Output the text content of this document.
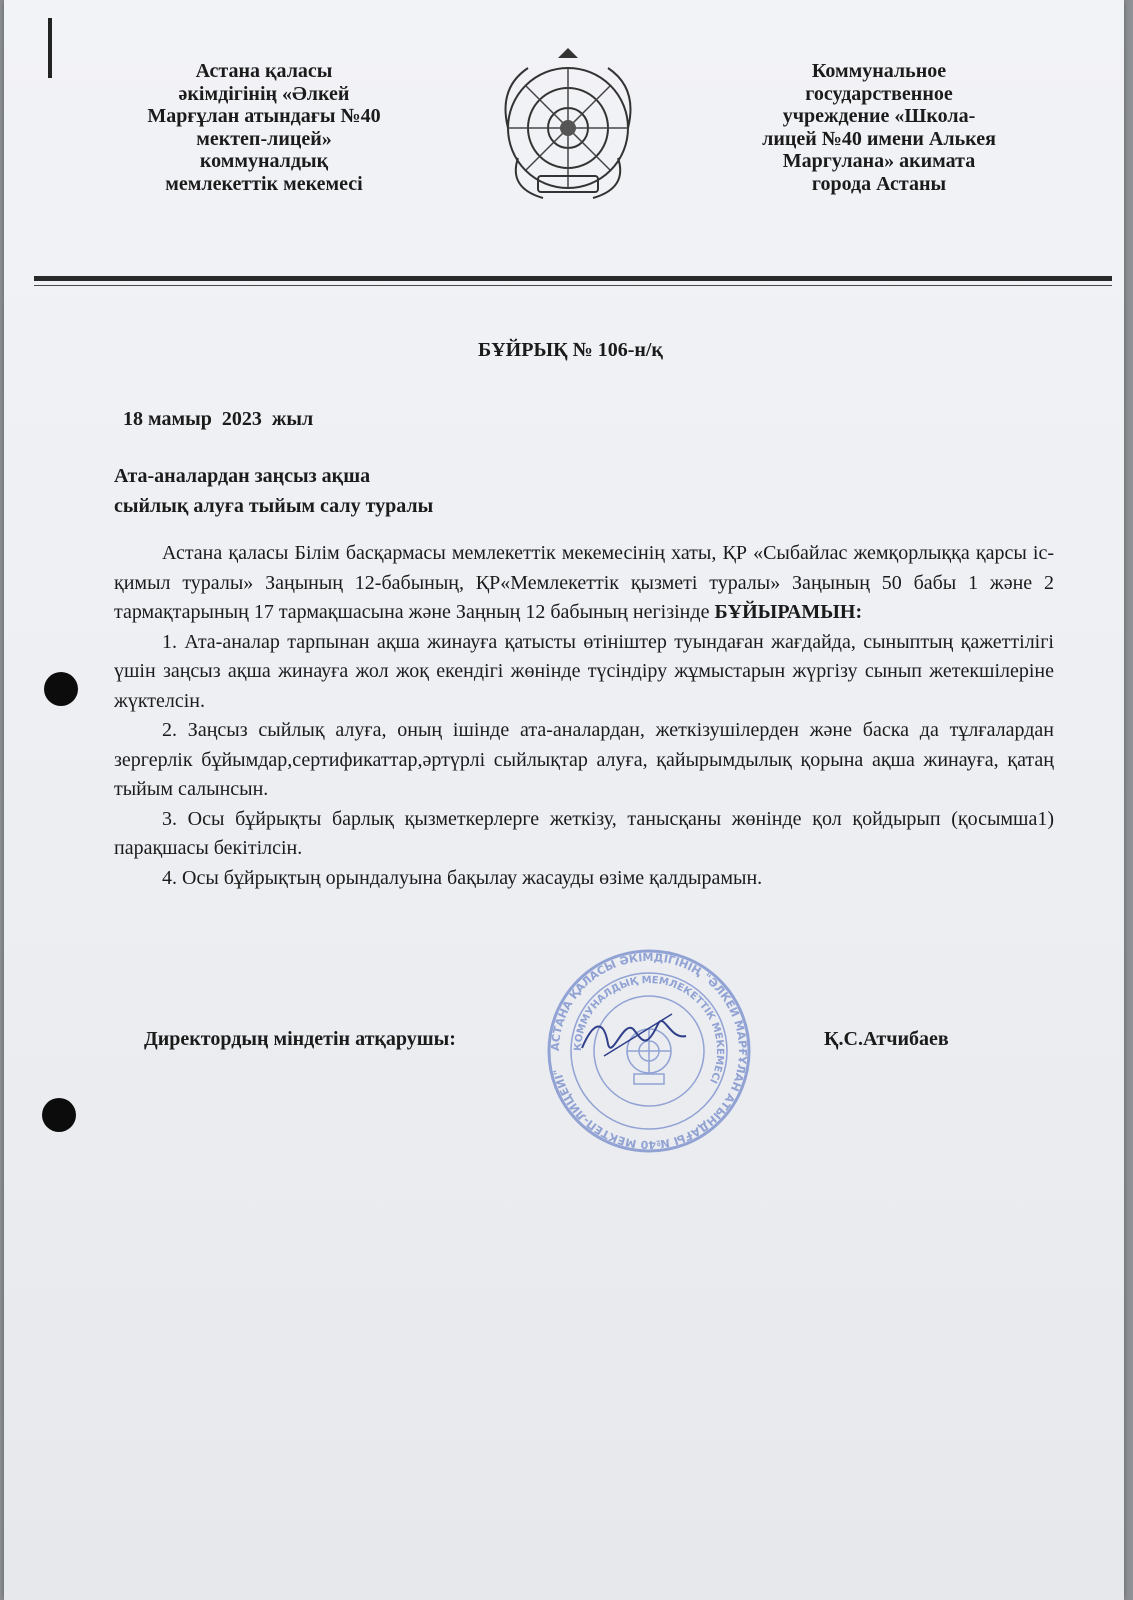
Астана қаласы
әкімдігінің «Әлкей
Марғұлан атындағы №40
мектеп-лицей»
коммуналдық
мемлекеттік мекемесі
Коммунальное
государственное
учреждение «Школа-
лицей №40 имени Алькея
Маргулана» акимата
города Астаны
БҰЙРЫҚ № 106-н/қ
18 мамыр  2023  жыл
Ата-аналардан заңсыз ақша
сыйлық алуға тыйым салу туралы

Астана қаласы Білім басқармасы мемлекеттік мекемесінің хаты, ҚР «Сыбайлас жемқорлыққа қарсы іс-қимыл туралы» Заңының 12-бабының, ҚР«Мемлекеттік қызметі туралы» Заңының 50 бабы 1 және 2 тармақтарының 17 тармақшасына және Заңның 12 бабының негізінде БҰЙЫРАМЫН:

1. Ата-аналар тарпынан ақша жинауға қатысты өтініштер туындаған жағдайда, сыныптың қажеттілігі үшін заңсыз ақша жинауға жол жоқ екендігі жөнінде түсіндіру жұмыстарын жүргізу сынып жетекшілеріне жүктелсін.

2. Заңсыз сыйлық алуға, оның ішінде ата-аналардан, жеткізушілерден және баска да тұлғалардан зергерлік бұйымдар,сертификаттар,әртүрлі сыйлықтар алуға, қайырымдылық қорына ақша жинауға, қатаң тыйым салынсын.

3. Осы бұйрықты барлық қызметкерлерге жеткізу, танысқаны жөнінде қол қойдырып (қосымша1) парақшасы бекітілсін.

4. Осы бұйрықтың орындалуына бақылау жасауды өзіме қалдырамын.

АСТАНА ҚАЛАСЫ ӘКІМДІГІНІҢ "ӘЛКЕЙ МАРҒҰЛАН АТЫНДАҒЫ №40 МЕКТЕП-ЛИЦЕЙІ"
КОММУНАЛДЫҚ МЕМЛЕКЕТТІК МЕКЕМЕСІ
Директордың міндетін атқарушы:	Қ.С.Атчибаев
